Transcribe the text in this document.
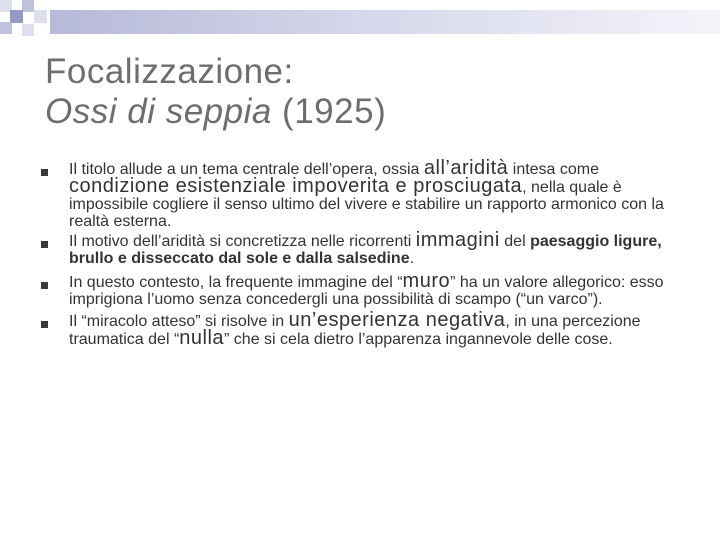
Focalizzazione:
Ossi di seppia (1925)
Il titolo allude a un tema centrale dell’opera, ossia all’aridità intesa come condizione esistenziale impoverita e prosciugata, nella quale è impossibile cogliere il senso ultimo del vivere e stabilire un rapporto armonico con la realtà esterna.
Il motivo dell’aridità si concretizza nelle ricorrenti immagini del paesaggio ligure, brullo e disseccato dal sole e dalla salsedine.
In questo contesto, la frequente immagine del “muro” ha un valore allegorico: esso imprigiona l’uomo senza concedergli una possibilità di scampo (“un varco”).
Il “miracolo atteso” si risolve in un’esperienza negativa, in una percezione traumatica del “nulla” che si cela dietro l’apparenza ingannevole delle cose.
